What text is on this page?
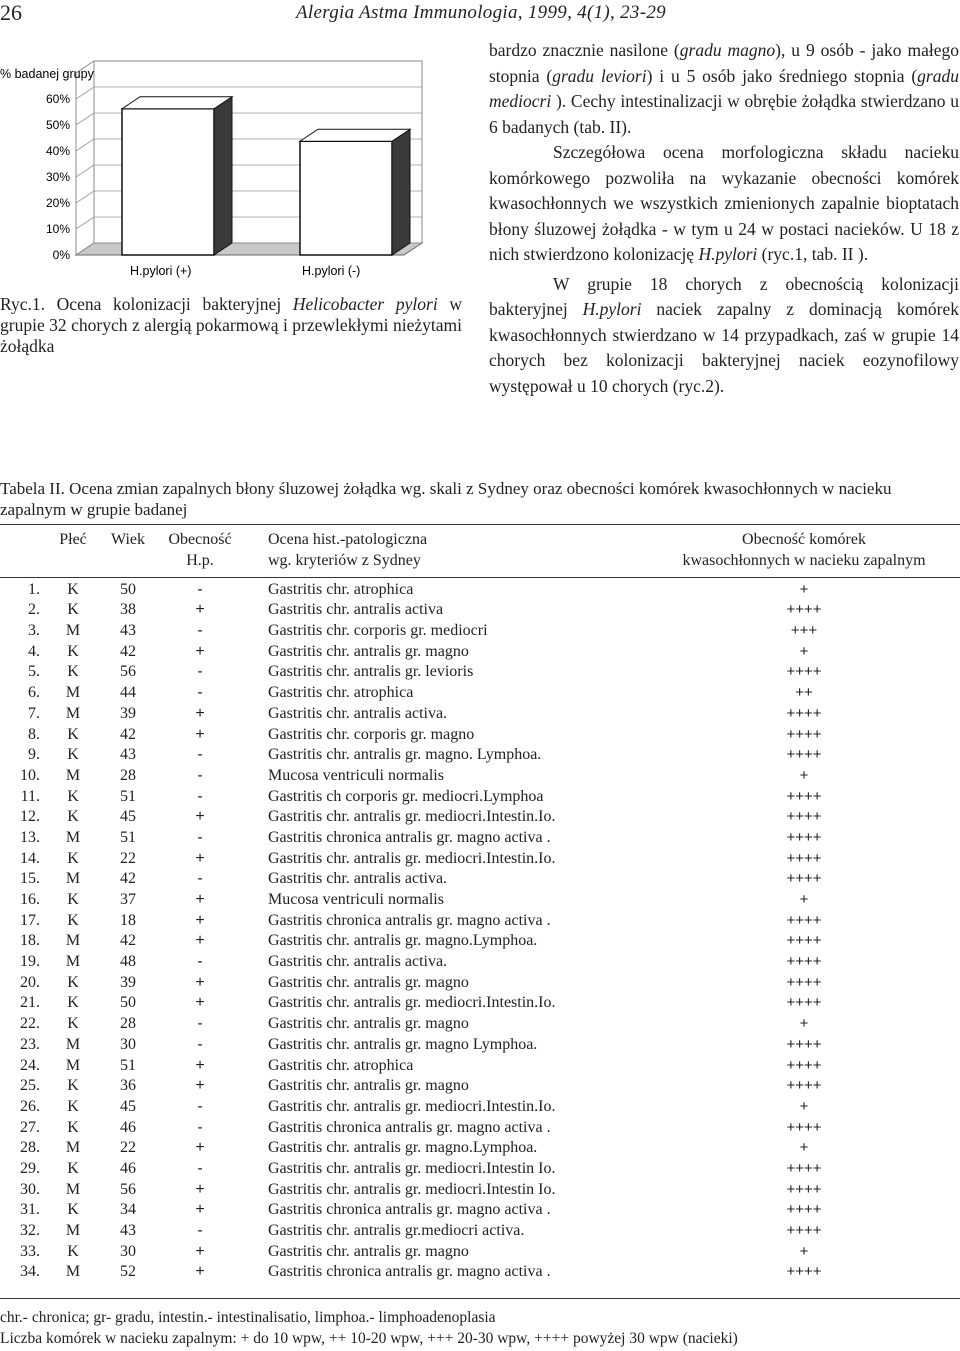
26	Alergia Astma Immunologia, 1999, 4(1), 23-29
0%
10%
20%
30%
40%
50%
60%
H.pylori (+)	H.pylori (-)
% badanej grupy
Ryc.1. Ocena kolonizacji bakteryjnej Helicobacter pylori w grupie 32 chorych z alergią pokarmową i przewlekłymi nieżytami żołądka

bardzo znacznie nasilone (gradu magno), u 9 osób - jako małego stopnia (gradu leviori) i u 5 osób jako średniego stopnia (gradu mediocri ). Cechy intestinalizacji w obrębie żołądka stwierdzano u 6 badanych (tab. II).

Szczegółowa ocena morfologiczna składu nacieku komórkowego pozwoliła na wykazanie obecności komórek kwasochłonnych we wszystkich zmienionych zapalnie bioptatach błony śluzowej żołądka - w tym u 24 w postaci nacieków. U 18 z nich stwierdzono kolonizację H.pylori (ryc.1, tab. II ).

W grupie 18 chorych z obecnością kolonizacji bakteryjnej H.pylori naciek zapalny z dominacją komórek kwasochłonnych stwierdzano w 14 przypadkach, zaś w grupie 14 chorych bez kolonizacji bakteryjnej naciek eozynofilowy występował u 10 chorych (ryc.2).

Tabela II. Ocena zmian zapalnych błony śluzowej żołądka wg. skali z Sydney oraz obecności komórek kwasochłonnych w nacieku zapalnym w grupie badanej
	Płeć	Wiek	Obecność	Ocena hist.-patologiczna	Obecność komórek
			H.p.	wg. kryteriów z Sydney	kwasochłonnych w nacieku zapalnym
1.	K	50	-	Gastritis chr. atrophica	+
2.	K	38	+	Gastritis chr. antralis activa	++++
3.	M	43	-	Gastritis chr. corporis gr. mediocri	+++
4.	K	42	+	Gastritis chr. antralis gr. magno	+
5.	K	56	-	Gastritis chr. antralis gr. levioris	++++
6.	M	44	-	Gastritis chr. atrophica	++
7.	M	39	+	Gastritis chr. antralis activa.	++++
8.	K	42	+	Gastritis chr. corporis gr. magno	++++
9.	K	43	-	Gastritis chr. antralis gr. magno. Lymphoa.	++++
10.	M	28	-	Mucosa ventriculi normalis	+
11.	K	51	-	Gastritis ch corporis gr. mediocri.Lymphoa	++++
12.	K	45	+	Gastritis chr. antralis gr. mediocri.Intestin.Io.	++++
13.	M	51	-	Gastritis chronica antralis gr. magno activa .	++++
14.	K	22	+	Gastritis chr. antralis gr. mediocri.Intestin.Io.	++++
15.	M	42	-	Gastritis chr. antralis activa.	++++
16.	K	37	+	Mucosa ventriculi normalis	+
17.	K	18	+	Gastritis chronica antralis gr. magno activa .	++++
18.	M	42	+	Gastritis chr. antralis gr. magno.Lymphoa.	++++
19.	M	48	-	Gastritis chr. antralis activa.	++++
20.	K	39	+	Gastritis chr. antralis gr. magno	++++
21.	K	50	+	Gastritis chr. antralis gr. mediocri.Intestin.Io.	++++
22.	K	28	-	Gastritis chr. antralis gr. magno	+
23.	M	30	-	Gastritis chr. antralis gr. magno Lymphoa.	++++
24.	M	51	+	Gastritis chr. atrophica	++++
25.	K	36	+	Gastritis chr. antralis gr. magno	++++
26.	K	45	-	Gastritis chr. antralis gr. mediocri.Intestin.Io.	+
27.	K	46	-	Gastritis chronica antralis gr. magno activa .	++++
28.	M	22	+	Gastritis chr. antralis gr. magno.Lymphoa.	+
29.	K	46	-	Gastritis chr. antralis gr. mediocri.Intestin Io.	++++
30.	M	56	+	Gastritis chr. antralis gr. mediocri.Intestin Io.	++++
31.	K	34	+	Gastritis chronica antralis gr. magno activa .	++++
32.	M	43	-	Gastritis chr. antralis gr.mediocri activa.	++++
33.	K	30	+	Gastritis chr. antralis gr. magno	+
34.	M	52	+	Gastritis chronica antralis gr. magno activa .	++++
chr.- chronica; gr- gradu, intestin.- intestinalisatio, limphoa.- limphoadenoplasia
Liczba komórek w nacieku zapalnym: + do 10 wpw, ++ 10-20 wpw, +++ 20-30 wpw, ++++ powyżej 30 wpw (nacieki)
